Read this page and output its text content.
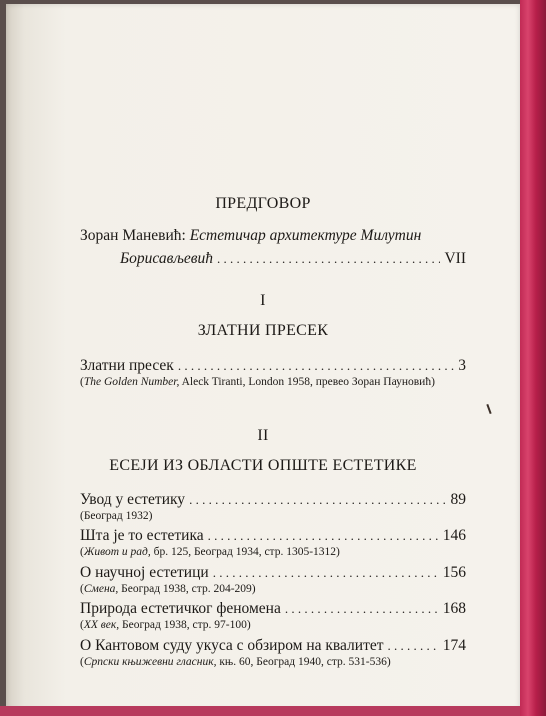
ПРЕДГОВОР
Зоран Маневић: Естетичар архитектуре Милутин
Борисављевић . . .	VII
I
ЗЛАТНИ ПРЕСЕК
Златни пресек . . .	3
(The Golden Number, Aleck Tiranti, London 1958, превео Зоран Пауновић)
II
ЕСЕЈИ ИЗ ОБЛАСТИ ОПШТЕ ЕСТЕТИКЕ
Увод у естетику . . .	89
(Београд 1932)
Шта је то естетика . . .	146
(Живот и рад, бр. 125, Београд 1934, стр. 1305-1312)
О научној естетици . . .	156
(Смена, Београд 1938, стр. 204-209)
Природа естетичког феномена . . .	168
(XX век, Београд 1938, стр. 97-100)
О Кантовом суду укуса с обзиром на квалитет . . .	174
(Српски књижевни гласник, књ. 60, Београд 1940, стр. 531-536)
